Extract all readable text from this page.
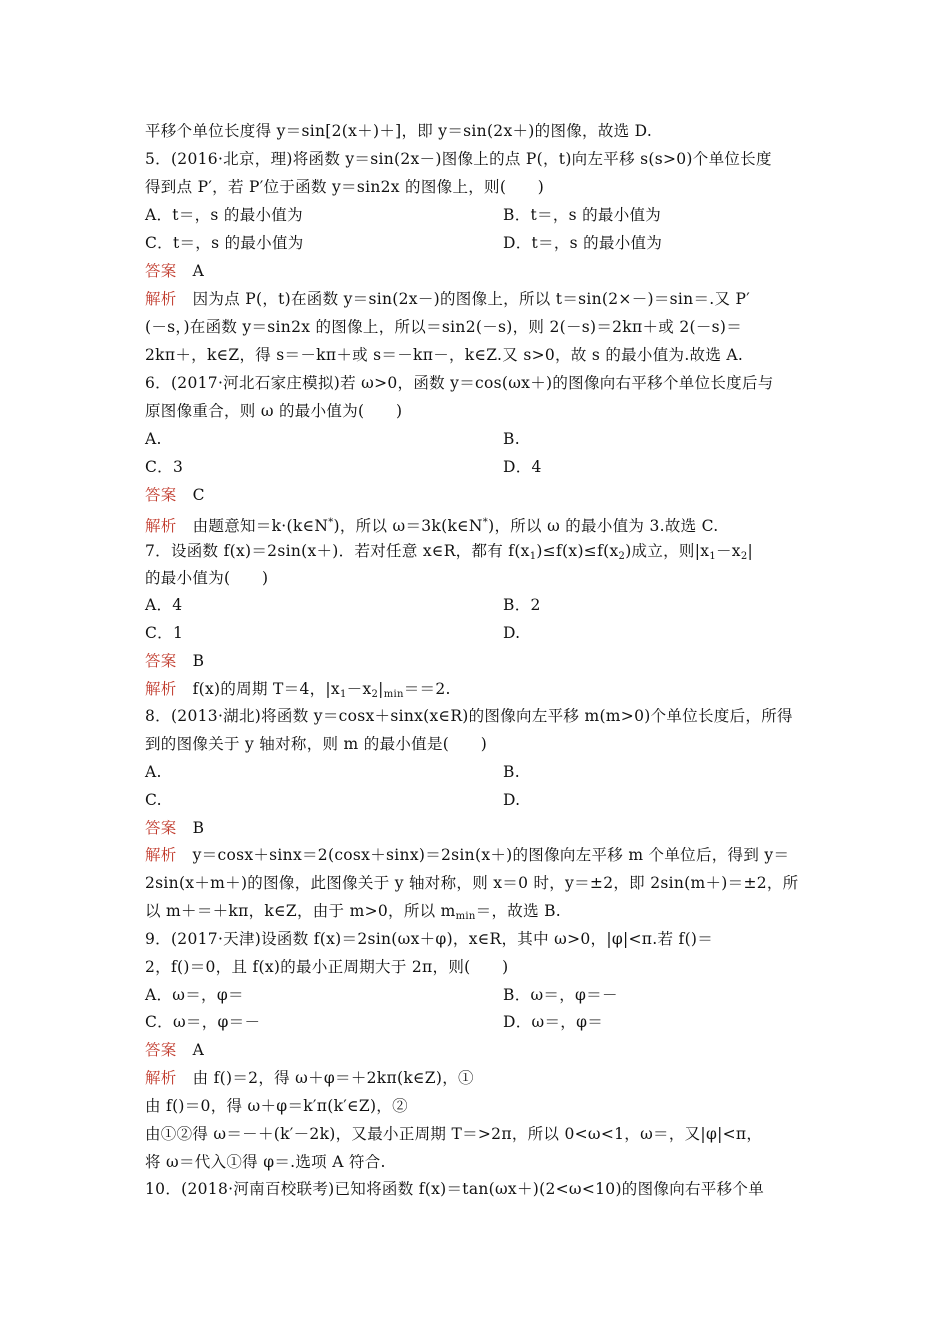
平移个单位长度得 y＝sin[2(x＋)＋]，即 y＝sin(2x＋)的图像，故选 D.
5．(2016·北京，理)将函数 y＝sin(2x－)图像上的点 P(，t)向左平移 s(s>0)个单位长度
得到点 P′，若 P′位于函数 y＝sin2x 的图像上，则(　　)
A．t＝，s 的最小值为	B．t＝，s 的最小值为
C．t＝，s 的最小值为	D．t＝，s 的最小值为
答案 A
解析 因为点 P(，t)在函数 y＝sin(2x－)的图像上，所以 t＝sin(2×－)＝sin＝.又 P′
(－s，)在函数 y＝sin2x 的图像上，所以＝sin2(－s)，则 2(－s)＝2kπ＋或 2(－s)＝
2kπ＋，k∈Z，得 s＝－kπ＋或 s＝－kπ－，k∈Z.又 s>0，故 s 的最小值为.故选 A.
6．(2017·河北石家庄模拟)若 ω>0，函数 y＝cos(ωx＋)的图像向右平移个单位长度后与
原图像重合，则 ω 的最小值为(　　)
A.	B.
C．3	D．4
答案 C
解析 由题意知＝k·(k∈N*)，所以 ω＝3k(k∈N*)，所以 ω 的最小值为 3.故选 C.
7．设函数 f(x)＝2sin(x＋)．若对任意 x∈R，都有 $f(x_1)\le f(x)\le f(x_2)$成立，则$|x_1-x_2|$
的最小值为(　　)
A．4	B．2
C．1	D.
答案 B
解析 f(x)的周期 T＝4，$|x_1-x_2|_{min}==2$.
8．(2013·湖北)将函数 y＝cosx＋sinx(x∈R)的图像向左平移 m(m>0)个单位长度后，所得
到的图像关于 y 轴对称，则 m 的最小值是(　　)
A.	B.
C.	D.
答案 B
解析 y＝cosx＋sinx＝2(cosx＋sinx)＝2sin(x＋)的图像向左平移 m 个单位后，得到 y＝
2sin(x＋m＋)的图像，此图像关于 y 轴对称，则 x＝0 时，y＝±2，即 2sin(m＋)＝±2，所
以 m＋＝＋kπ，k∈Z，由于 m>0，所以 $m_{min}=$，故选 B.
9．(2017·天津)设函数 f(x)＝2sin(ωx＋φ)，x∈R，其中 ω>0，|φ|<π.若 f()＝
2，f()＝0，且 f(x)的最小正周期大于 2π，则(　　)
A．ω＝，φ＝	B．ω＝，φ＝－
C．ω＝，φ＝－	D．ω＝，φ＝
答案 A
解析 由 f()＝2，得 ω＋φ＝＋2kπ(k∈Z)，①
由 f()＝0，得 ω＋φ＝k′π(k′∈Z)，②
由①②得 ω＝－＋(k′－2k)，又最小正周期 T＝>2π，所以 0<ω<1，ω＝，又|φ|<π，
将 ω＝代入①得 φ＝.选项 A 符合.
10．(2018·河南百校联考)已知将函数 f(x)＝tan(ωx＋)(2<ω<10)的图像向右平移个单
